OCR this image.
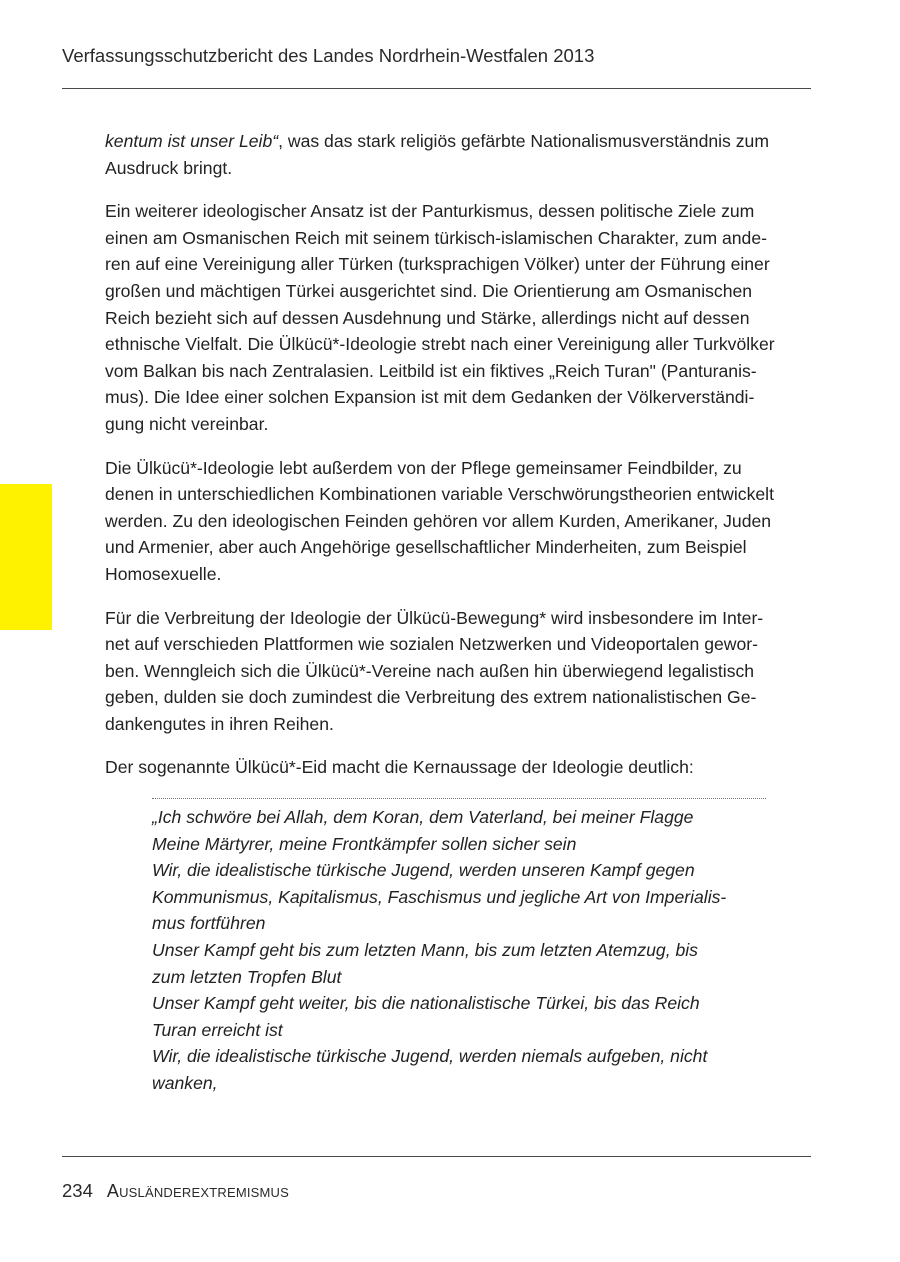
Verfassungsschutzbericht des Landes Nordrhein-Westfalen 2013

kentum ist unser Leib“, was das stark religiös gefärbte Nationalismusverständnis zum
Ausdruck bringt.

Ein weiterer ideologischer Ansatz ist der Panturkismus, dessen politische Ziele zum
einen am Osmanischen Reich mit seinem türkisch-islamischen Charakter, zum ande-
ren auf eine Vereinigung aller Türken (turksprachigen Völker) unter der Führung einer
großen und mächtigen Türkei ausgerichtet sind. Die Orientierung am Osmanischen
Reich bezieht sich auf dessen Ausdehnung und Stärke, allerdings nicht auf dessen
ethnische Vielfalt. Die Ülkücü*-Ideologie strebt nach einer Vereinigung aller Turkvölker
vom Balkan bis nach Zentralasien. Leitbild ist ein fiktives „Reich Turan" (Panturanis-
mus). Die Idee einer solchen Expansion ist mit dem Gedanken der Völkerverständi-
gung nicht vereinbar.

Die Ülkücü*-Ideologie lebt außerdem von der Pflege gemeinsamer Feindbilder, zu
denen in unterschiedlichen Kombinationen variable Verschwörungstheorien entwickelt
werden. Zu den ideologischen Feinden gehören vor allem Kurden, Amerikaner, Juden
und Armenier, aber auch Angehörige gesellschaftlicher Minderheiten, zum Beispiel
Homosexuelle.

Für die Verbreitung der Ideologie der Ülkücü-Bewegung* wird insbesondere im Inter-
net auf verschieden Plattformen wie sozialen Netzwerken und Videoportalen gewor-
ben. Wenngleich sich die Ülkücü*-Vereine nach außen hin überwiegend legalistisch
geben, dulden sie doch zumindest die Verbreitung des extrem nationalistischen Ge-
dankengutes in ihren Reihen.

Der sogenannte Ülkücü*-Eid macht die Kernaussage der Ideologie deutlich:

„Ich schwöre bei Allah, dem Koran, dem Vaterland, bei meiner Flagge
Meine Märtyrer, meine Frontkämpfer sollen sicher sein
Wir, die idealistische türkische Jugend, werden unseren Kampf gegen
Kommunismus, Kapitalismus, Faschismus und jegliche Art von Imperialis-
mus fortführen
Unser Kampf geht bis zum letzten Mann, bis zum letzten Atemzug, bis
zum letzten Tropfen Blut
Unser Kampf geht weiter, bis die nationalistische Türkei, bis das Reich
Turan erreicht ist
Wir, die idealistische türkische Jugend, werden niemals aufgeben, nicht
wanken,
234 Ausländerextremismus
